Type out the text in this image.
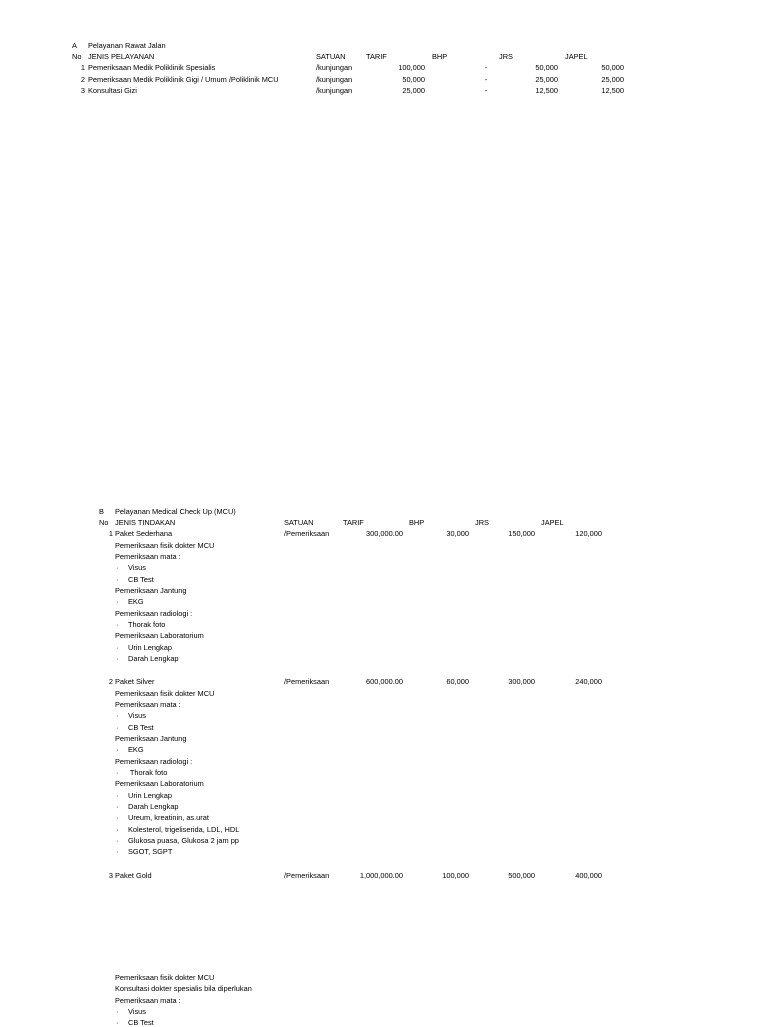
A Pelayanan Rawat Jalan
No JENIS PELAYANAN	SATUAN	TARIF	BHP	JRS	JAPEL
1 Pemeriksaan Medik Poliklinik Spesialis	/kunjungan	100,000	-	50,000	50,000
2 Pemeriksaan Medik Poliklinik Gigi / Umum /Poliklinik MCU	/kunjungan	50,000	-	25,000	25,000
3 Konsultasi Gizi	/kunjungan	25,000	-	12,500	12,500
B Pelayanan Medical Check Up (MCU)
No JENIS TINDAKAN	SATUAN	TARIF	BHP	JRS	JAPEL
1 Paket Sederhana	/Pemeriksaan	300,000.00	30,000	150,000	120,000
Pemeriksaan fisik dokter MCU
Pemeriksaan mata :
· Visus
· CB Test
Pemeriksaan Jantung
· EKG
Pemeriksaan radiologi :
· Thorak foto
Pemeriksaan Laboratorium
· Urin Lengkap
· Darah Lengkap
2 Paket Silver	/Pemeriksaan	600,000.00	60,000	300,000	240,000
Pemeriksaan fisik dokter MCU
Pemeriksaan mata :
· Visus
· CB Test
Pemeriksaan Jantung
· EKG
Pemeriksaan radiologi :
· Thorak foto
Pemeriksaan Laboratorium
· Urin Lengkap
· Darah Lengkap
· Ureum, kreatinin, as.urat
· Kolesterol, trigeliserida, LDL, HDL
· Glukosa puasa, Glukosa 2 jam pp
· SGOT, SGPT
3 Paket Gold	/Pemeriksaan	1,000,000.00	100,000	500,000	400,000
Pemeriksaan fisik dokter MCU
Konsultasi dokter spesialis bila diperlukan
Pemeriksaan mata :
· Visus
· CB Test
